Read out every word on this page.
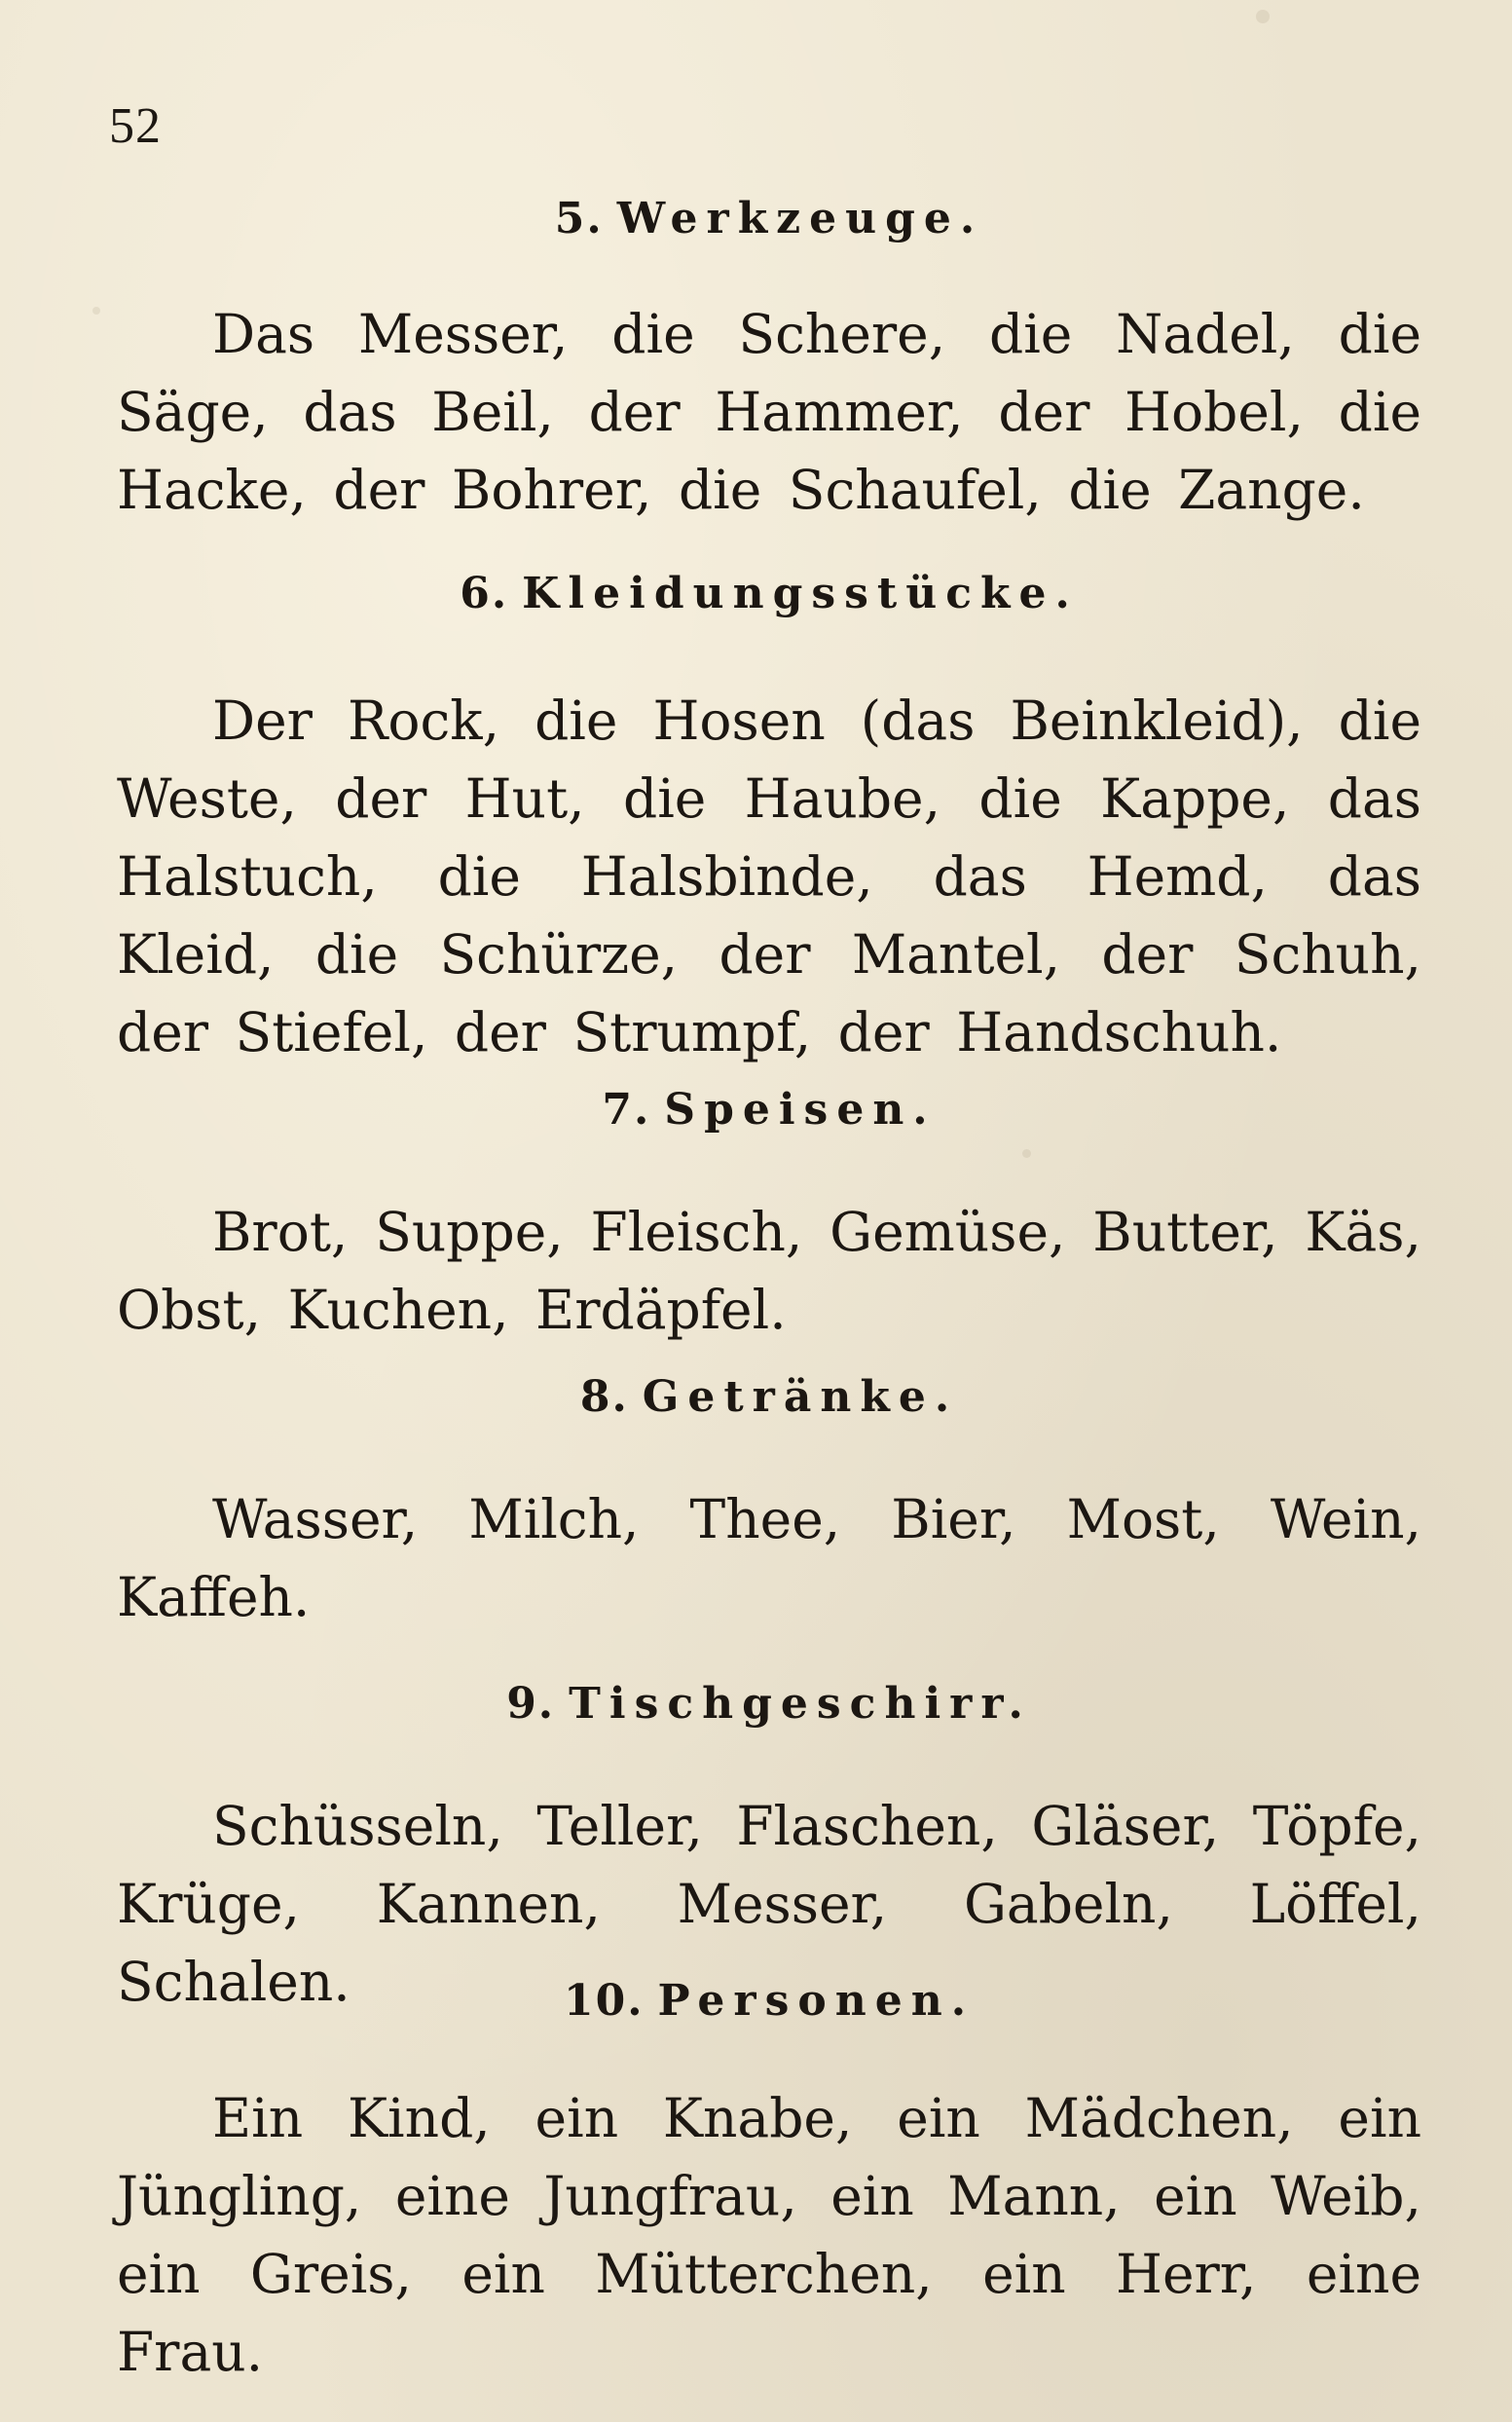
52
5. Werkzeuge.

Das Messer, die Schere, die Nadel, die Säge, das Beil, der Hammer, der Hobel, die Hacke, der Bohrer, die Schaufel, die Zange.

6. Kleidungsstücke.

Der Rock, die Hosen (das Beinkleid), die Weste, der Hut, die Haube, die Kappe, das Halstuch, die Halsbinde, das Hemd, das Kleid, die Schürze, der Mantel, der Schuh, der Stiefel, der Strumpf, der Handschuh.

7. Speisen.

Brot, Suppe, Fleisch, Gemüse, Butter, Käs, Obst, Kuchen, Erdäpfel.

8. Getränke.

Wasser, Milch, Thee, Bier, Most, Wein, Kaffeh.

9. Tischgeschirr.

Schüsseln, Teller, Flaschen, Gläser, Töpfe, Krüge, Kannen, Messer, Gabeln, Löffel, Schalen.	10. Personen.

Ein Kind, ein Knabe, ein Mädchen, ein Jüngling, eine Jungfrau, ein Mann, ein Weib, ein Greis, ein Mütterchen, ein Herr, eine Frau.
